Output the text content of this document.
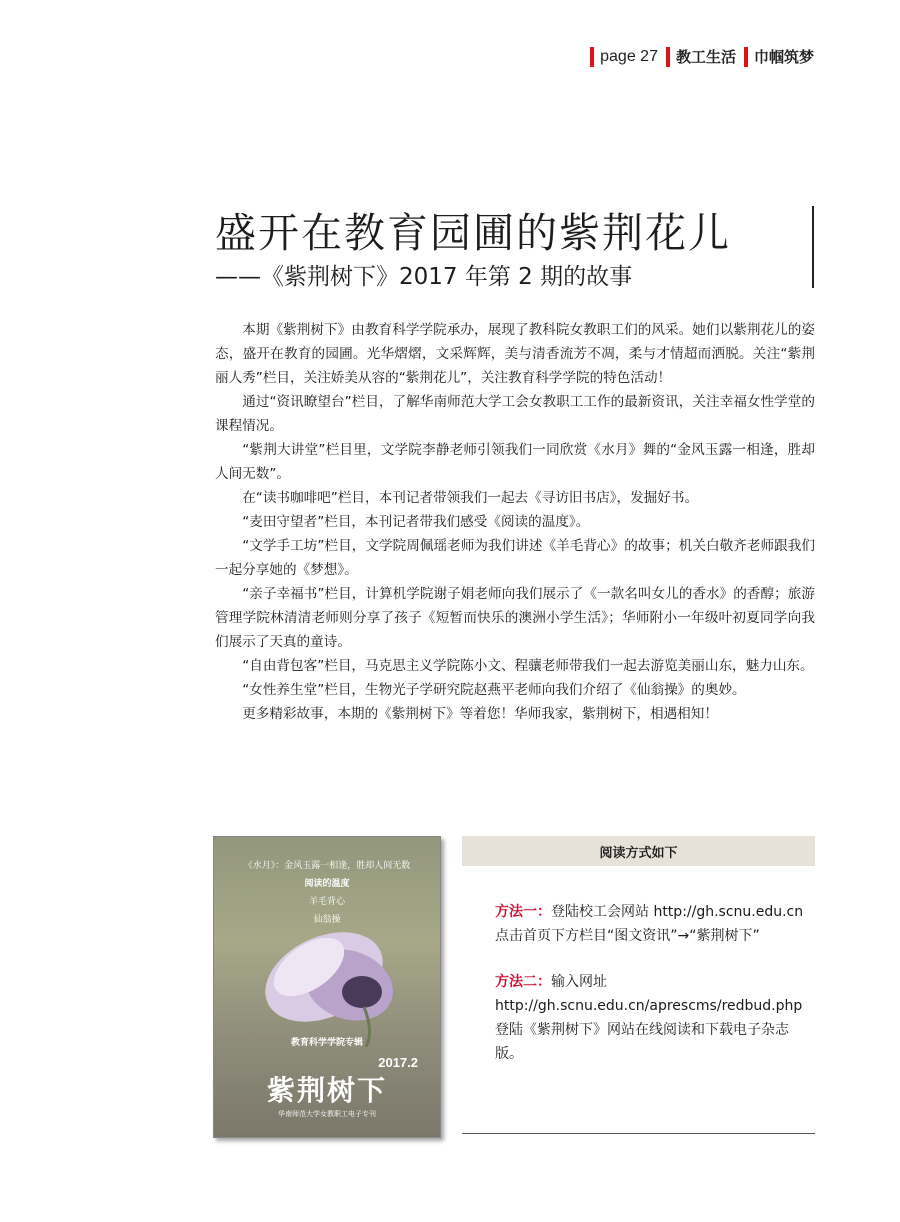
page 27 教工生活 巾帼筑梦
盛开在教育园圃的紫荆花儿
——《紫荆树下》2017 年第 2 期的故事

本期《紫荆树下》由教育科学学院承办，展现了教科院女教职工们的风采。她们以紫荆花儿的姿态，盛开在教育的园圃。光华熠熠，文采辉辉，美与清香流芳不凋，柔与才情超而洒脱。关注“紫荆丽人秀”栏目，关注娇美从容的“紫荆花儿”，关注教育科学学院的特色活动！

通过“资讯瞭望台”栏目，了解华南师范大学工会女教职工工作的最新资讯，关注幸福女性学堂的课程情况。

“紫荆大讲堂”栏目里，文学院李静老师引领我们一同欣赏《水月》舞的“金风玉露一相逢，胜却人间无数”。

在“读书咖啡吧”栏目，本刊记者带领我们一起去《寻访旧书店》，发掘好书。

“麦田守望者”栏目，本刊记者带我们感受《阅读的温度》。

“文学手工坊”栏目，文学院周佩瑶老师为我们讲述《羊毛背心》的故事；机关白敬齐老师跟我们一起分享她的《梦想》。

“亲子幸福书”栏目，计算机学院谢子娟老师向我们展示了《一款名叫女儿的香水》的香醇；旅游管理学院林清清老师则分享了孩子《短暂而快乐的澳洲小学生活》；华师附小一年级叶初夏同学向我们展示了天真的童诗。

“自由背包客”栏目，马克思主义学院陈小文、程骧老师带我们一起去游览美丽山东，魅力山东。

“女性养生堂”栏目，生物光子学研究院赵燕平老师向我们介绍了《仙翁操》的奥妙。

更多精彩故事，本期的《紫荆树下》等着您！华师我家，紫荆树下，相遇相知！

《水月》：金风玉露一相逢，胜却人间无数
阅读的温度
羊毛背心
仙翁操
教育科学学院专辑
2017.2
紫荆树下
华南师范大学女教职工电子专刊
阅读方式如下
方法一：登陆校工会网站 http://gh.scnu.edu.cn
点击首页下方栏目“图文资讯”→“紫荆树下”
方法二：输入网址 http://gh.scnu.edu.cn/aprescms/redbud.php
登陆《紫荆树下》网站在线阅读和下载电子杂志版。
